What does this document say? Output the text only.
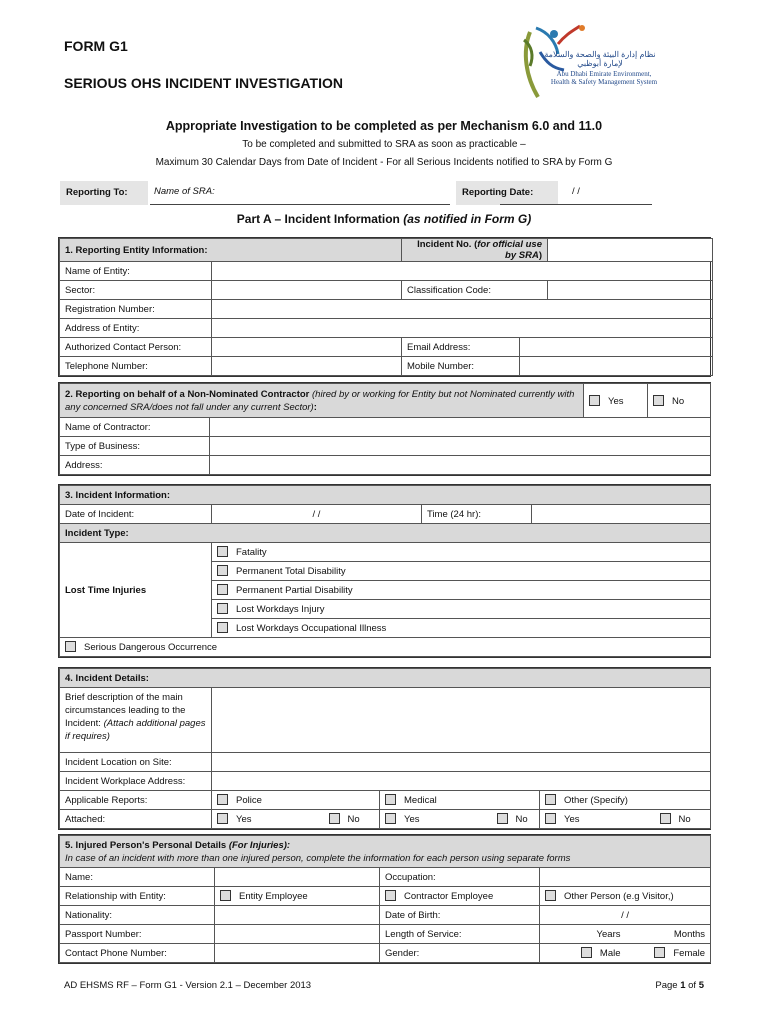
FORM G1
SERIOUS OHS INCIDENT INVESTIGATION
نظام إدارة البيئة والصحة والسلامة لإمارة أبوظبي
Abu Dhabi Emirate Environment,
Health & Safety Management System
Appropriate Investigation to be completed as per Mechanism 6.0 and 11.0
To be completed and submitted to SRA as soon as practicable –
Maximum 30 Calendar Days from Date of Incident - For all Serious Incidents notified to SRA by Form G
Reporting To:	Name of SRA:	Reporting Date:	/ /
Part A – Incident Information (as notified in Form G)
1. Reporting Entity Information:		Incident No. (for official use by SRA)		
Name of Entity:				
Sector:		Classification Code:		
Registration Number:				
Address of Entity:				
Authorized Contact Person:		Email Address:		
Telephone Number:		Mobile Number:		
2. Reporting on behalf of a Non-Nominated Contractor (hired by or working for Entity but not Nominated currently with any concerned SRA/does not fall under any current Sector):		Yes	No
Name of Contractor:			
Type of Business:			
Address:			
3. Incident Information:			
Date of Incident:	/ /	Time (24 hr):	
Incident Type:			
Lost Time Injuries	Fatality		
	Permanent Total Disability		
	Permanent Partial Disability		
	Lost Workdays Injury		
	Lost Workdays Occupational Illness		
Serious Dangerous Occurrence			
4. Incident Details:						
Brief description of the main circumstances leading to the Incident: (Attach additional pages if requires)						
Incident Location on Site:						
Incident Workplace Address:						
Applicable Reports:	Police		Medical		Other (Specify)	
Attached:	Yes	No	Yes	No	Yes	No
5. Injured Person's Personal Details (For Injuries):
In case of an incident with more than one injured person, complete the information for each person using separate forms				
Name:		Occupation:		
Relationship with Entity:	Entity Employee	Contractor Employee	Other Person (e.g Visitor,)	
Nationality:		Date of Birth:	/ /	
Passport Number:		Length of Service:	Years	Months
Contact Phone Number:		Gender:	Male	Female
AD EHSMS RF – Form G1 - Version 2.1 – December 2013	Page 1 of 5
